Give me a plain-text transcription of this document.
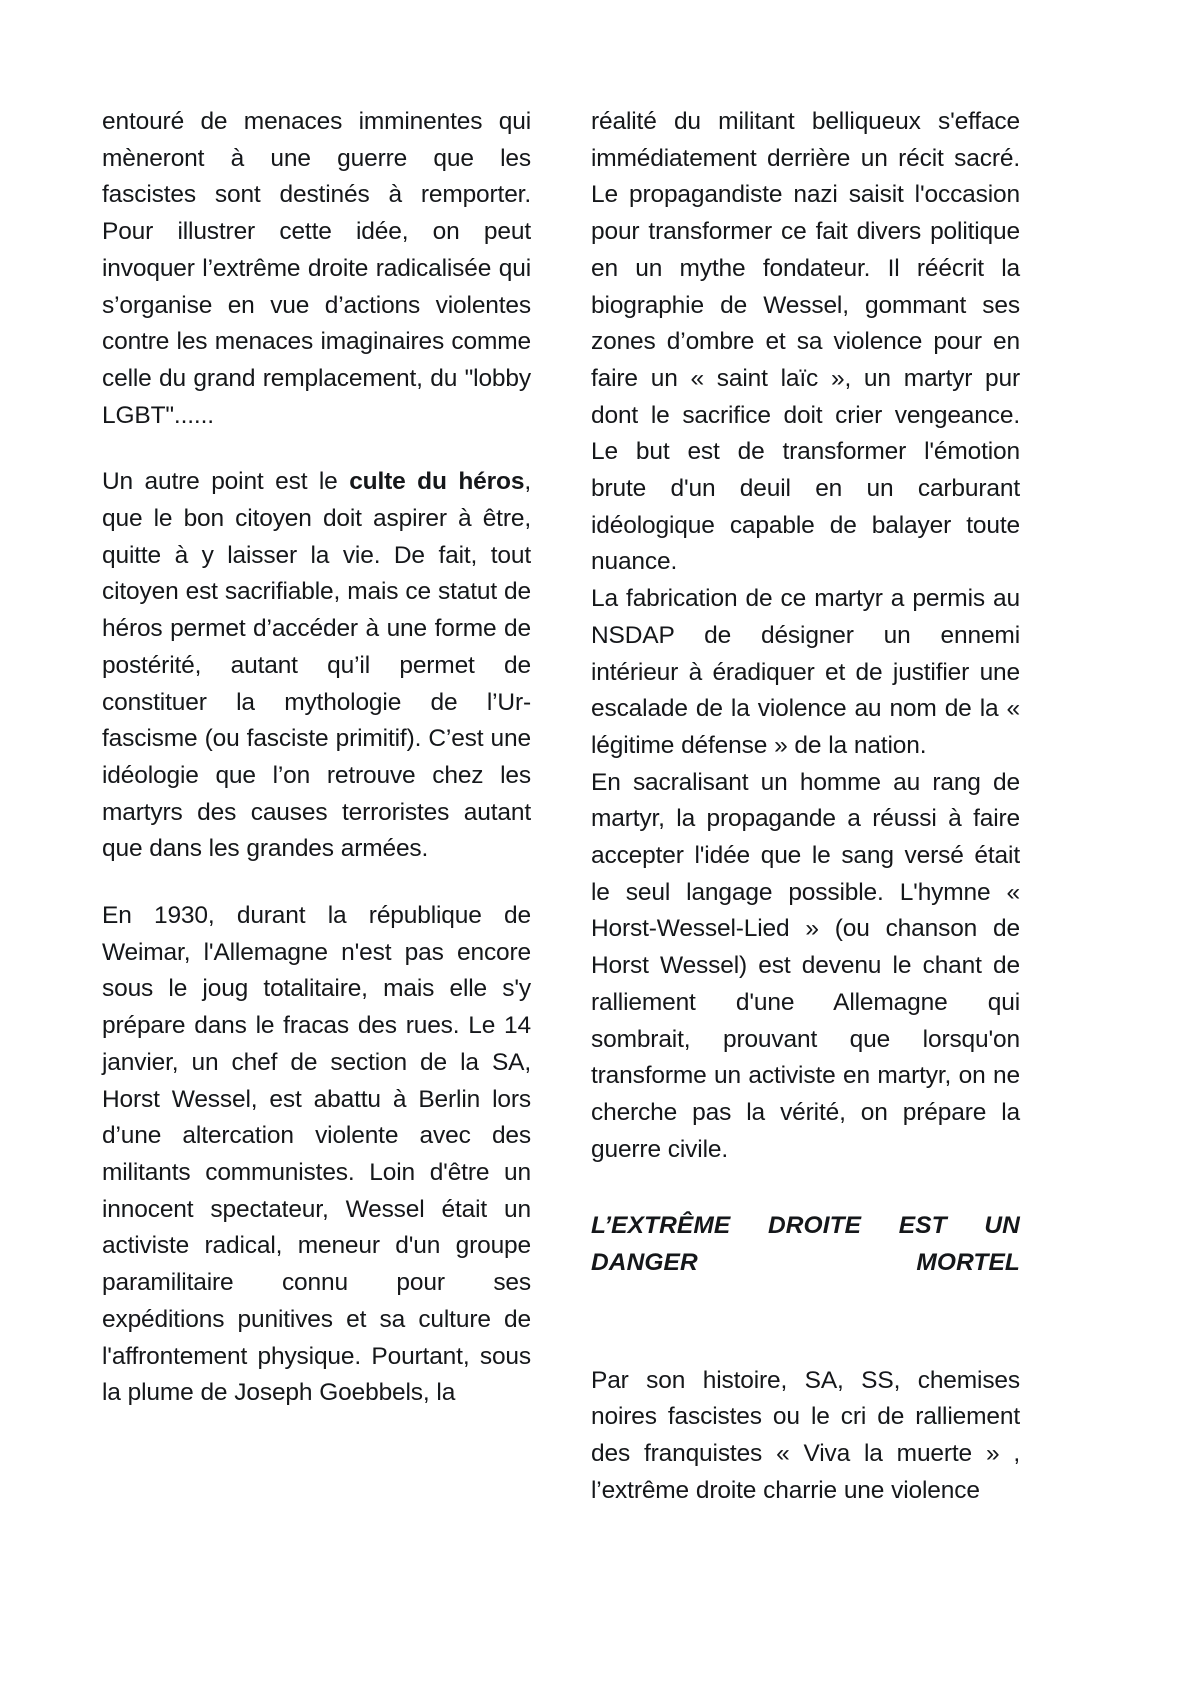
entouré de menaces imminentes qui mèneront à une guerre que les fascistes sont destinés à remporter. Pour illustrer cette idée, on peut invoquer l’extrême droite radicalisée qui s’organise en vue d’actions violentes contre les menaces imaginaires comme celle du grand remplacement, du "lobby LGBT"......

Un autre point est le culte du héros, que le bon citoyen doit aspirer à être, quitte à y laisser la vie. De fait, tout citoyen est sacrifiable, mais ce statut de héros permet d’accéder à une forme de postérité, autant qu’il permet de constituer la mythologie de l’Ur-fascisme (ou fasciste primitif). C’est une idéologie que l’on retrouve chez les martyrs des causes terroristes autant que dans les grandes armées.

En 1930, durant la république de Weimar, l'Allemagne n'est pas encore sous le joug totalitaire, mais elle s'y prépare dans le fracas des rues. Le 14 janvier, un chef de section de la SA, Horst Wessel, est abattu à Berlin lors d’une altercation violente avec des militants communistes. Loin d'être un innocent spectateur, Wessel était un activiste radical, meneur d'un groupe paramilitaire connu pour ses expéditions punitives et sa culture de l'affrontement physique. Pourtant, sous la plume de Joseph Goebbels, la

réalité du militant belliqueux s'efface immédiatement derrière un récit sacré. Le propagandiste nazi saisit l'occasion pour transformer ce fait divers politique en un mythe fondateur. Il réécrit la biographie de Wessel, gommant ses zones d’ombre et sa violence pour en faire un « saint laïc », un martyr pur dont le sacrifice doit crier vengeance. Le but est de transformer l'émotion brute d'un deuil en un carburant idéologique capable de balayer toute nuance.

La fabrication de ce martyr a permis au NSDAP de désigner un ennemi intérieur à éradiquer et de justifier une escalade de la violence au nom de la « légitime défense » de la nation.

En sacralisant un homme au rang de martyr, la propagande a réussi à faire accepter l'idée que le sang versé était le seul langage possible. L'hymne « Horst-Wessel-Lied » (ou chanson de Horst Wessel) est devenu le chant de ralliement d'une Allemagne qui sombrait, prouvant que lorsqu'on transforme un activiste en martyr, on ne cherche pas la vérité, on prépare la guerre civile.

L’EXTRÊME DROITE EST UN DANGER	MORTEL

Par son histoire, SA, SS, chemises noires fascistes ou le cri de ralliement des franquistes « Viva la muerte » , l’extrême droite charrie une violence
